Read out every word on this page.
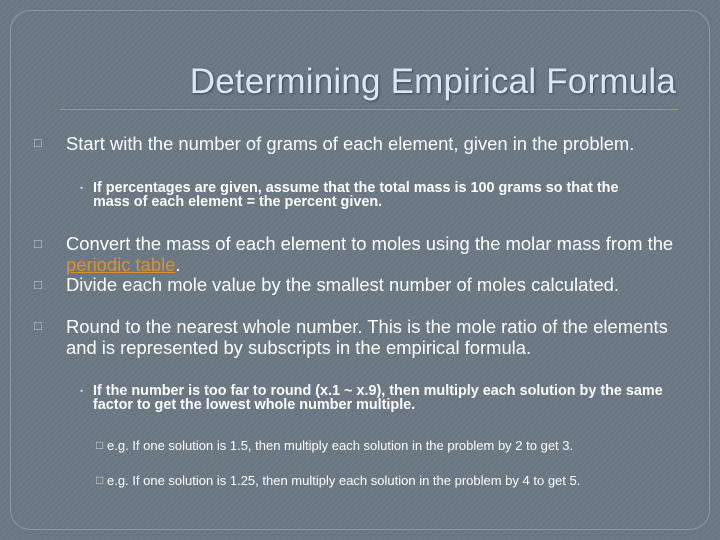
Determining Empirical Formula
□ Start with the number of grams of each element, given in the problem.
• If percentages are given, assume that the total mass is 100 grams so that the mass of each element = the percent given.
□ Convert the mass of each element to moles using the molar mass from the periodic table.
□ Divide each mole value by the smallest number of moles calculated.
□ Round to the nearest whole number. This is the mole ratio of the elements and is represented by subscripts in the empirical formula.
• If the number is too far to round (x.1 ~ x.9), then multiply each solution by the same factor to get the lowest whole number multiple.
□ e.g. If one solution is 1.5, then multiply each solution in the problem by 2 to get 3.
□ e.g. If one solution is 1.25, then multiply each solution in the problem by 4 to get 5.
